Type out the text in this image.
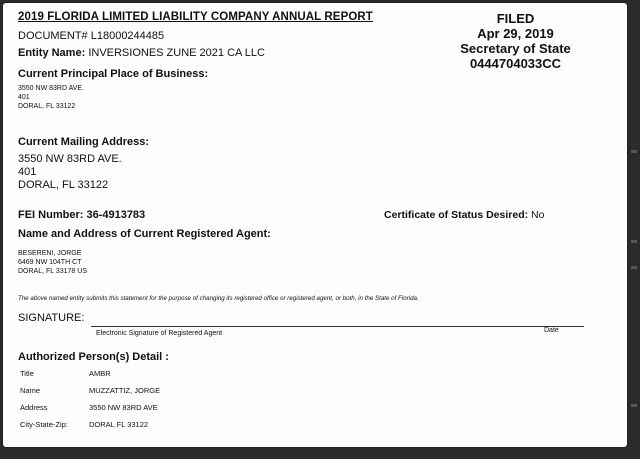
2019 FLORIDA LIMITED LIABILITY COMPANY ANNUAL REPORT
DOCUMENT# L18000244485
Entity Name: INVERSIONES ZUNE 2021 CA LLC
FILED
Apr 29, 2019
Secretary of State
0444704033CC
Current Principal Place of Business:
3550 NW 83RD AVE.
401
DORAL, FL 33122
Current Mailing Address:
3550 NW 83RD AVE.
401
DORAL, FL 33122
FEI Number: 36-4913783	Certificate of Status Desired: No
Name and Address of Current Registered Agent:
BESERENI, JORGE
6469 NW 104TH CT
DORAL, FL 33178 US
The above named entity submits this statement for the purpose of changing its registered office or registered agent, or both, in the State of Florida.
SIGNATURE:
Electronic Signature of Registered Agent	Date
Authorized Person(s) Detail :
Title	AMBR
Name	MUZZATTIZ, JORGE
Address	3550 NW 83RD AVE
City-State-Zip:	DORAL FL 33122
